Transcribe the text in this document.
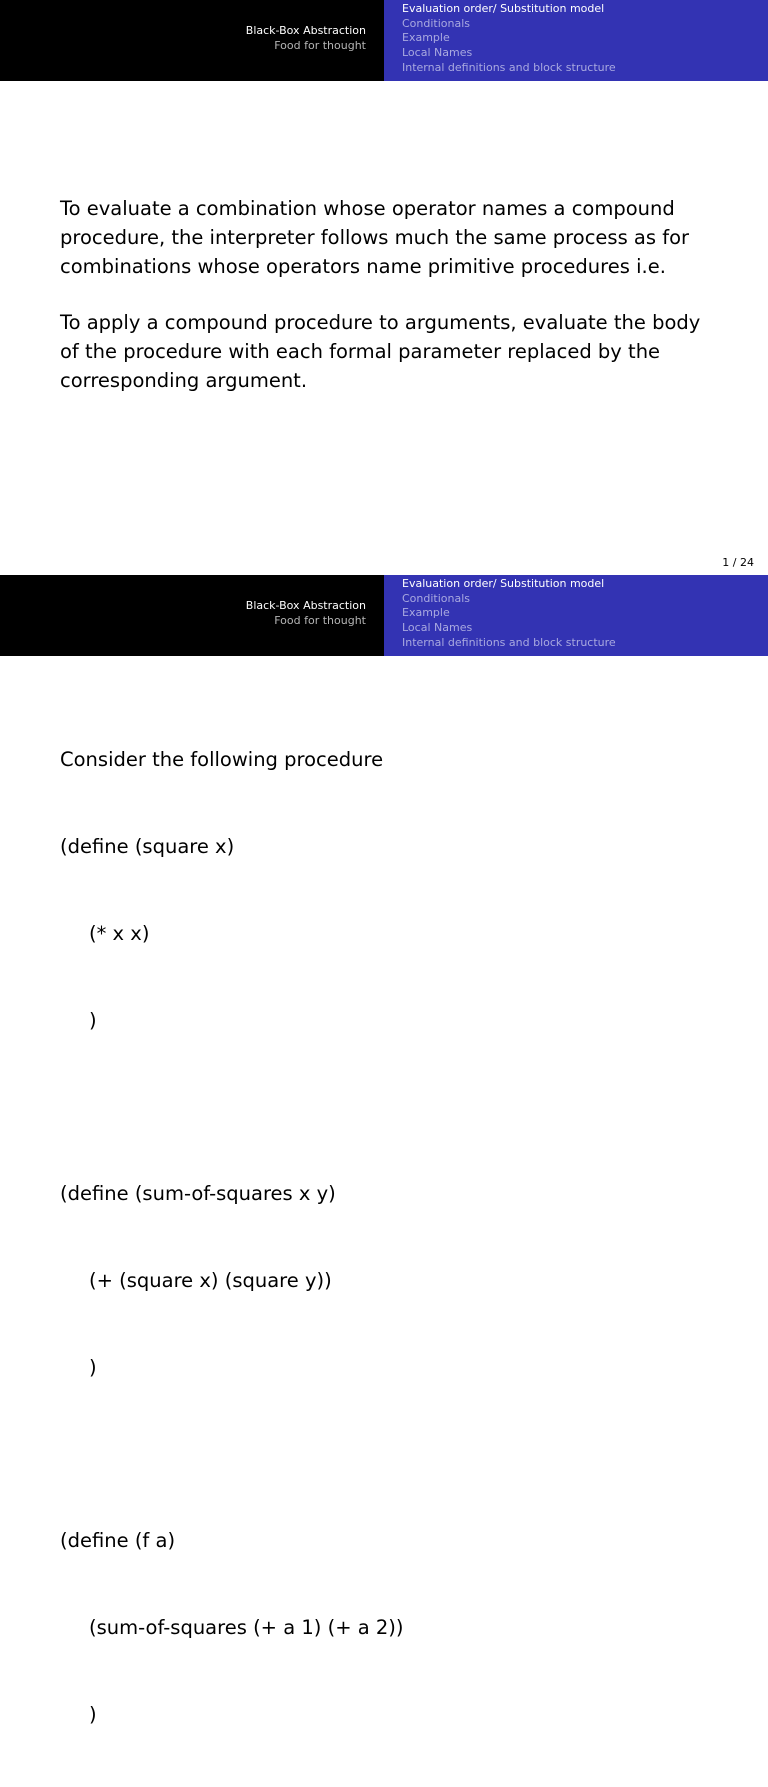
Black-Box Abstraction
Food for thought
Evaluation order/ Substitution model
Conditionals
Example
Local Names
Internal definitions and block structure

To evaluate a combination whose operator names a compound procedure, the interpreter follows much the same process as for combinations whose operators name primitive procedures i.e.

To apply a compound procedure to arguments, evaluate the body of the procedure with each formal parameter replaced by the corresponding argument.

1 / 24
Black-Box Abstraction
Food for thought
Evaluation order/ Substitution model
Conditionals
Example
Local Names
Internal definitions and block structure

Consider the following procedure

(define (square x)

(* x x)

)

(define (sum-of-squares x y)

(+ (square x) (square y))

)

(define (f a)

(sum-of-squares (+ a 1) (+ a 2))

)
